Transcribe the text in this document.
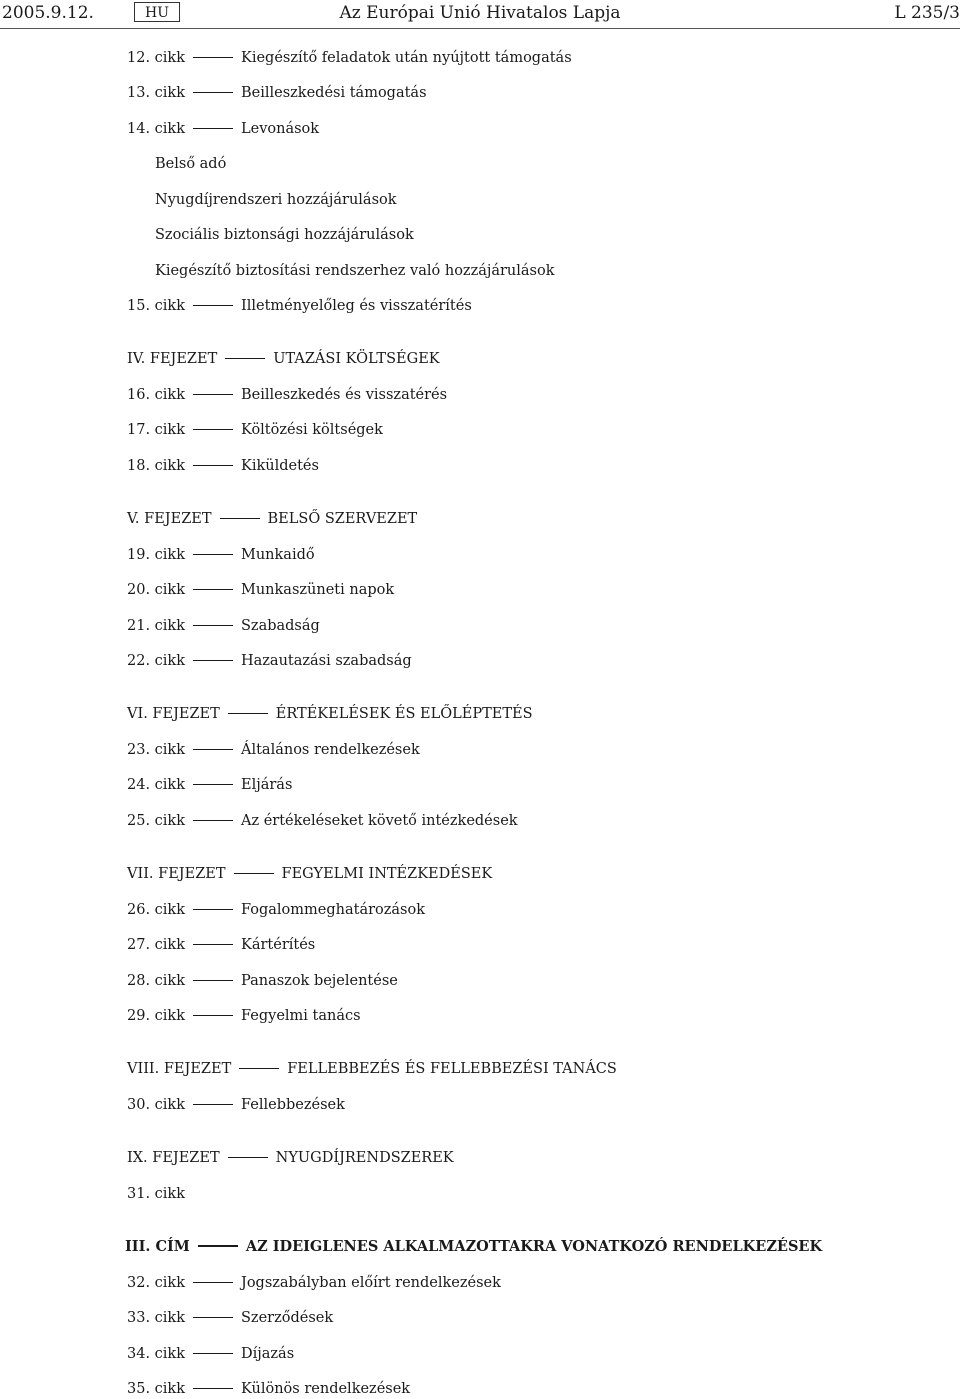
2005.9.12.	HU	Az Európai Unió Hivatalos Lapja	L 235/3
12. cikk	Kiegészítő feladatok után nyújtott támogatás
13. cikk	Beilleszkedési támogatás
14. cikk	Levonások
Belső adó
Nyugdíjrendszeri hozzájárulások
Szociális biztonsági hozzájárulások
Kiegészítő biztosítási rendszerhez való hozzájárulások
15. cikk	Illetményelőleg és visszatérítés
IV. FEJEZET	UTAZÁSI KÖLTSÉGEK
16. cikk	Beilleszkedés és visszatérés
17. cikk	Költözési költségek
18. cikk	Kiküldetés
V. FEJEZET	BELSŐ SZERVEZET
19. cikk	Munkaidő
20. cikk	Munkaszüneti napok
21. cikk	Szabadság
22. cikk	Hazautazási szabadság
VI. FEJEZET	ÉRTÉKELÉSEK ÉS ELŐLÉPTETÉS
23. cikk	Általános rendelkezések
24. cikk	Eljárás
25. cikk	Az értékeléseket követő intézkedések
VII. FEJEZET	FEGYELMI INTÉZKEDÉSEK
26. cikk	Fogalommeghatározások
27. cikk	Kártérítés
28. cikk	Panaszok bejelentése
29. cikk	Fegyelmi tanács
VIII. FEJEZET	FELLEBBEZÉS ÉS FELLEBBEZÉSI TANÁCS
30. cikk	Fellebbezések
IX. FEJEZET	NYUGDÍJRENDSZEREK
31. cikk
III. CÍM	AZ IDEIGLENES ALKALMAZOTTAKRA VONATKOZÓ RENDELKEZÉSEK
32. cikk	Jogszabályban előírt rendelkezések
33. cikk	Szerződések
34. cikk	Díjazás
35. cikk	Különös rendelkezések
